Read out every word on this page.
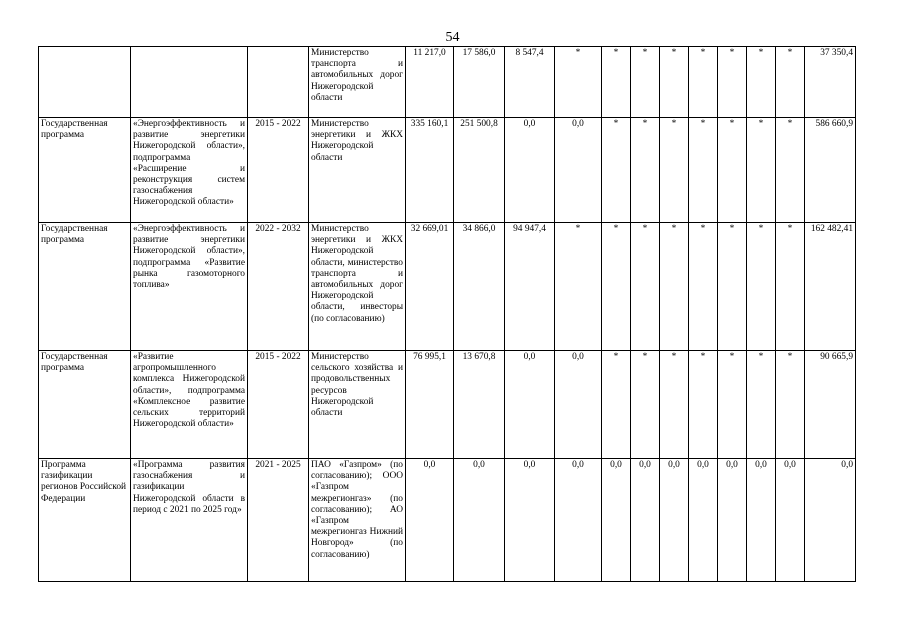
54
			Министерство транспорта и автомобильных дорог Нижегородской области	11 217,0	17 586,0	8 547,4	*	*	*	*	*	*	*	*	37 350,4
Государственная программа	«Энергоэффективность и развитие энергетики Нижегородской области», подпрограмма «Расширение и реконструкция систем газоснабжения Нижегородской области»	2015 - 2022	Министерство энергетики и ЖКХ Нижегородской области	335 160,1	251 500,8	0,0	0,0	*	*	*	*	*	*	*	586 660,9
Государственная программа	«Энергоэффективность и развитие энергетики Нижегородской области», подпрограмма «Развитие рынка газомоторного топлива»	2022 - 2032	Министерство энергетики и ЖКХ Нижегородской области, министерство транспорта и автомобильных дорог Нижегородской области, инвесторы (по согласованию)	32 669,01	34 866,0	94 947,4	*	*	*	*	*	*	*	*	162 482,41
Государственная программа	«Развитие агропромышленного комплекса Нижегородской области», подпрограмма «Комплексное развитие сельских территорий Нижегородской области»	2015 - 2022	Министерство сельского хозяйства и продовольственных ресурсов Нижегородской области	76 995,1	13 670,8	0,0	0,0	*	*	*	*	*	*	*	90 665,9
Программа газификации регионов Российской Федерации	«Программа развития газоснабжения и газификации Нижегородской области в период с 2021 по 2025 год»	2021 - 2025	ПАО «Газпром» (по согласованию); ООО «Газпром межрегионгаз» (по согласованию); АО «Газпром межрегионгаз Нижний Новгород» (по согласованию)	0,0	0,0	0,0	0,0	0,0	0,0	0,0	0,0	0,0	0,0	0,0	0,0
